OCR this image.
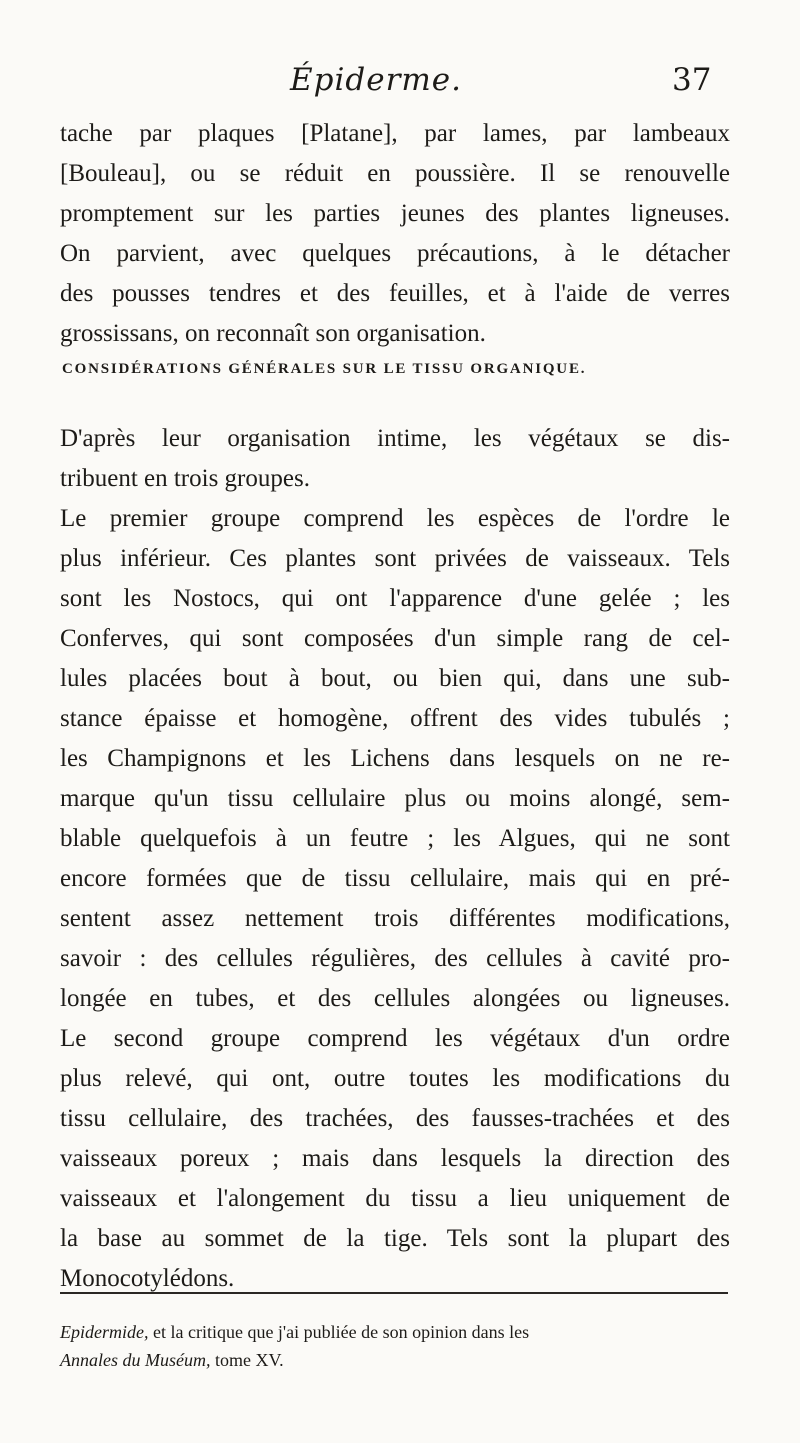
Épiderme.	37
tache par plaques [Platane], par lames, par lambeaux
[Bouleau], ou se réduit en poussière. Il se renouvelle
promptement sur les parties jeunes des plantes ligneuses.
On parvient, avec quelques précautions, à le détacher
des pousses tendres et des feuilles, et à l'aide de verres
grossissans, on reconnaît son organisation.
CONSIDÉRATIONS GÉNÉRALES SUR LE TISSU ORGANIQUE.
D'après leur organisation intime, les végétaux se dis-
tribuent en trois groupes.
Le premier groupe comprend les espèces de l'ordre le
plus inférieur. Ces plantes sont privées de vaisseaux. Tels
sont les Nostocs, qui ont l'apparence d'une gelée ; les
Conferves, qui sont composées d'un simple rang de cel-
lules placées bout à bout, ou bien qui, dans une sub-
stance épaisse et homogène, offrent des vides tubulés ;
les Champignons et les Lichens dans lesquels on ne re-
marque qu'un tissu cellulaire plus ou moins alongé, sem-
blable quelquefois à un feutre ; les Algues, qui ne sont
encore formées que de tissu cellulaire, mais qui en pré-
sentent assez nettement trois différentes modifications,
savoir : des cellules régulières, des cellules à cavité pro-
longée en tubes, et des cellules alongées ou ligneuses.
Le second groupe comprend les végétaux d'un ordre
plus relevé, qui ont, outre toutes les modifications du
tissu cellulaire, des trachées, des fausses-trachées et des
vaisseaux poreux ; mais dans lesquels la direction des
vaisseaux et l'alongement du tissu a lieu uniquement de
la base au sommet de la tige. Tels sont la plupart des
Monocotylédons.
Epidermide, et la critique que j'ai publiée de son opinion dans les
Annales du Muséum, tome XV.
